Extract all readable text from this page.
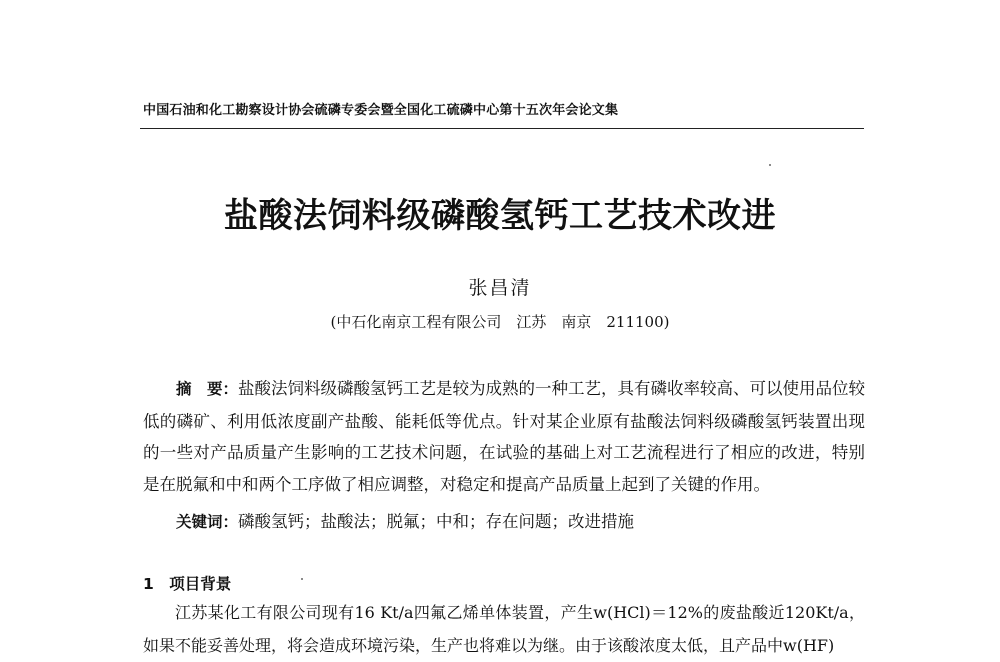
中国石油和化工勘察设计协会硫磷专委会暨全国化工硫磷中心第十五次年会论文集
盐酸法饲料级磷酸氢钙工艺技术改进
张昌清
(中石化南京工程有限公司　江苏　南京　211100)
摘　要：盐酸法饲料级磷酸氢钙工艺是较为成熟的一种工艺，具有磷收率较高、可以使用品位较低的磷矿、利用低浓度副产盐酸、能耗低等优点。针对某企业原有盐酸法饲料级磷酸氢钙装置出现的一些对产品质量产生影响的工艺技术问题，在试验的基础上对工艺流程进行了相应的改进，特别是在脱氟和中和两个工序做了相应调整，对稳定和提高产品质量上起到了关键的作用。
关键词：磷酸氢钙；盐酸法；脱氟；中和；存在问题；改进措施
1　项目背景
江苏某化工有限公司现有16 Kt/a四氟乙烯单体装置，产生w(HCl)＝12%的废盐酸近120Kt/a，如果不能妥善处理，将会造成环境污染，生产也将难以为继。由于该酸浓度太低，且产品中w(HF)
